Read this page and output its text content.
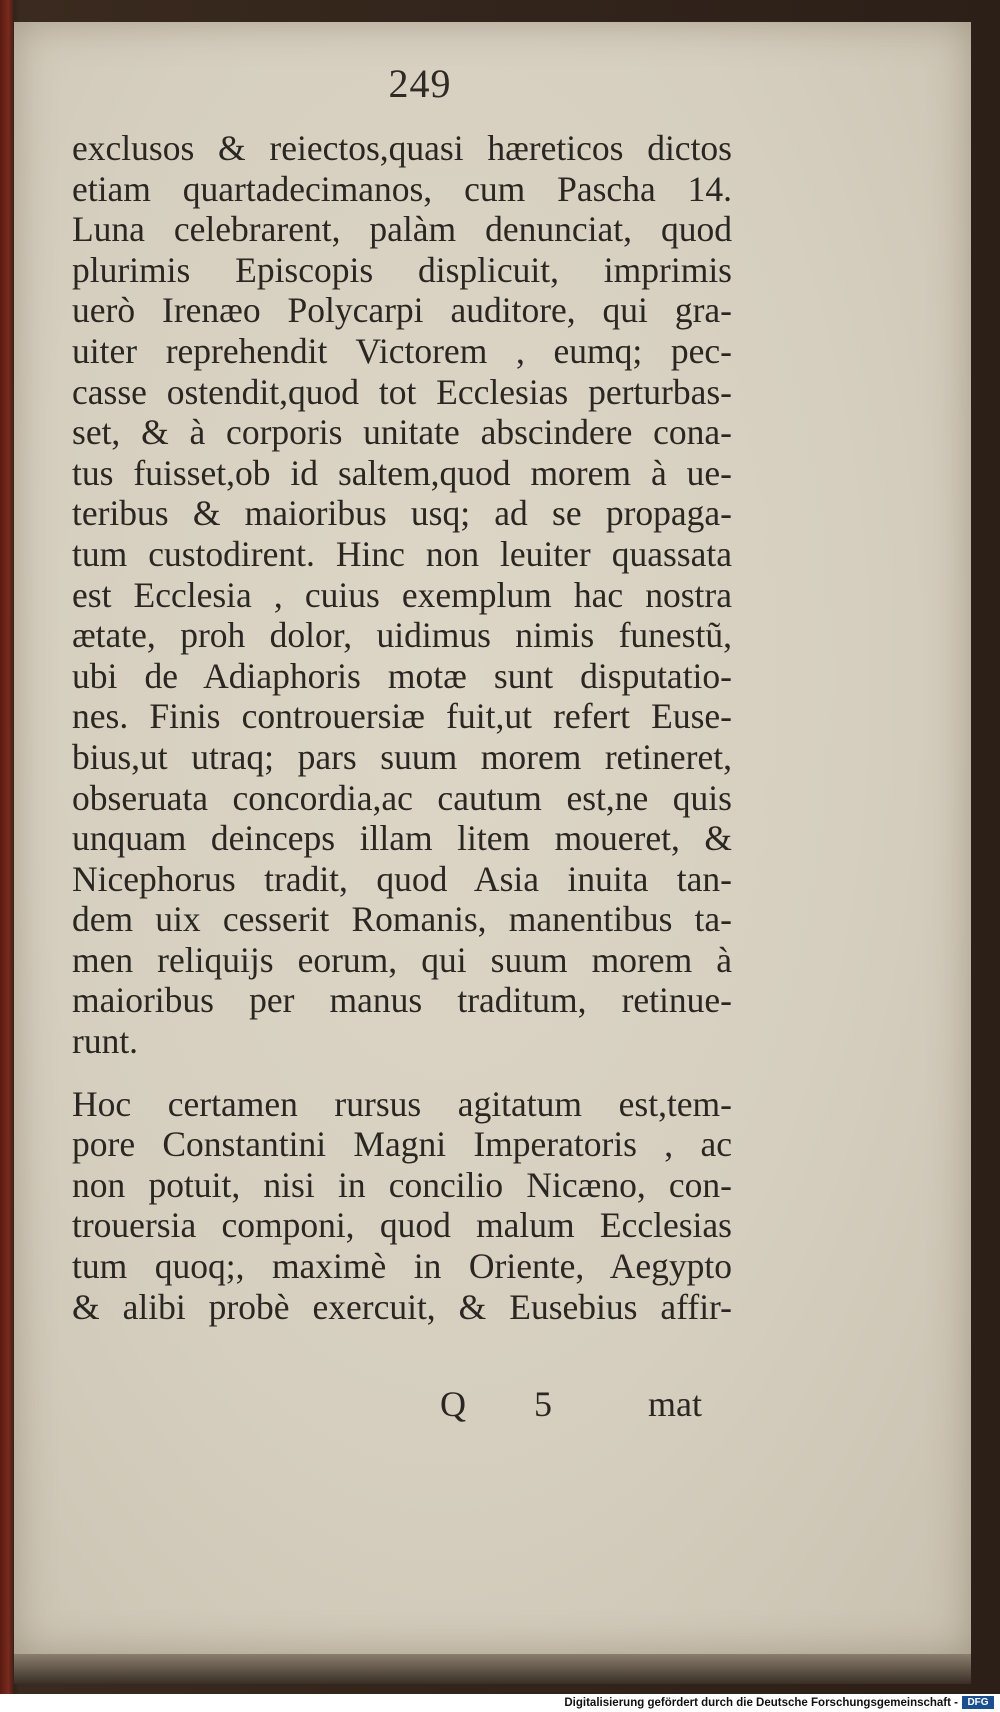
249
exclusos & reiectos,quasi hæreticos dictos
etiam quartadecimanos, cum Pascha 14.
Luna celebrarent, palàm denunciat, quod
plurimis Episcopis displicuit, imprimis
uerò Irenæo Polycarpi auditore, qui gra-
uiter reprehendit Victorem , eumq; pec-
casse ostendit,quod tot Ecclesias perturbas-
set, & à corporis unitate abscindere cona-
tus fuisset,ob id saltem,quod morem à ue-
teribus & maioribus usq; ad se propaga-
tum custodirent. Hinc non leuiter quassata
est Ecclesia , cuius exemplum hac nostra
ætate, proh dolor, uidimus nimis funestũ,
ubi de Adiaphoris motæ sunt disputatio-
nes. Finis controuersiæ fuit,ut refert Euse-
bius,ut utraq; pars suum morem retineret,
obseruata concordia,ac cautum est,ne quis
unquam deinceps illam litem moueret, &
Nicephorus tradit, quod Asia inuita tan-
dem uix cesserit Romanis, manentibus ta-
men reliquijs eorum, qui suum morem à
maioribus per manus traditum, retinue-
runt.
Hoc certamen rursus agitatum est,tem-
pore Constantini Magni Imperatoris , ac
non potuit, nisi in concilio Nicæno, con-
trouersia componi, quod malum Ecclesias
tum quoq;, maximè in Oriente, Aegypto
& alibi probè exercuit, & Eusebius affir-
Q 5	mat
Digitalisierung gefördert durch die Deutsche Forschungsgemeinschaft - DFG
